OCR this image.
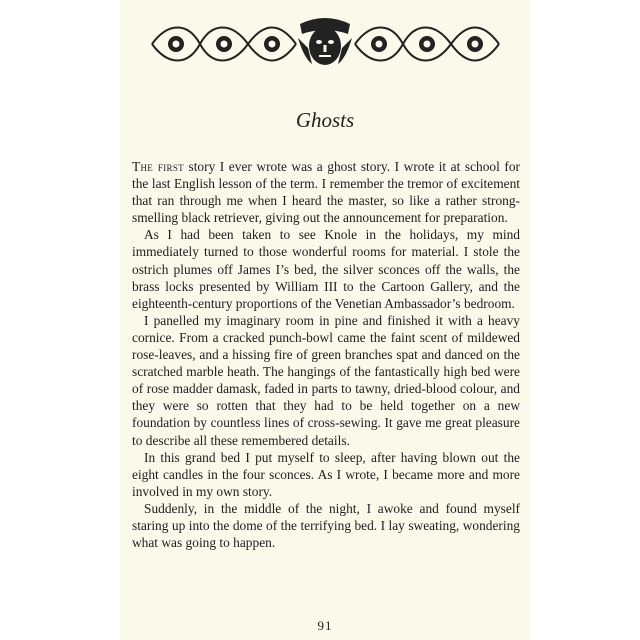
Ghosts

The first story I ever wrote was a ghost story. I wrote it at school for the last English lesson of the term. I remember the tremor of excitement that ran through me when I heard the master, so like a rather strong-smelling black retriever, giving out the announcement for preparation.

As I had been taken to see Knole in the holidays, my mind immediately turned to those wonderful rooms for material. I stole the ostrich plumes off James I’s bed, the silver sconces off the walls, the brass locks presented by William III to the Cartoon Gallery, and the eighteenth-century proportions of the Venetian Ambassador’s bedroom.

I panelled my imaginary room in pine and finished it with a heavy cornice. From a cracked punch-bowl came the faint scent of mildewed rose-leaves, and a hissing fire of green branches spat and danced on the scratched marble heath. The hangings of the fantastically high bed were of rose madder damask, faded in parts to tawny, dried-blood colour, and they were so rotten that they had to be held together on a new foundation by countless lines of cross-sewing. It gave me great pleasure to describe all these remembered details.

In this grand bed I put myself to sleep, after having blown out the eight candles in the four sconces. As I wrote, I became more and more involved in my own story.

Suddenly, in the middle of the night, I awoke and found myself staring up into the dome of the terrifying bed. I lay sweating, wondering what was going to happen.

91
